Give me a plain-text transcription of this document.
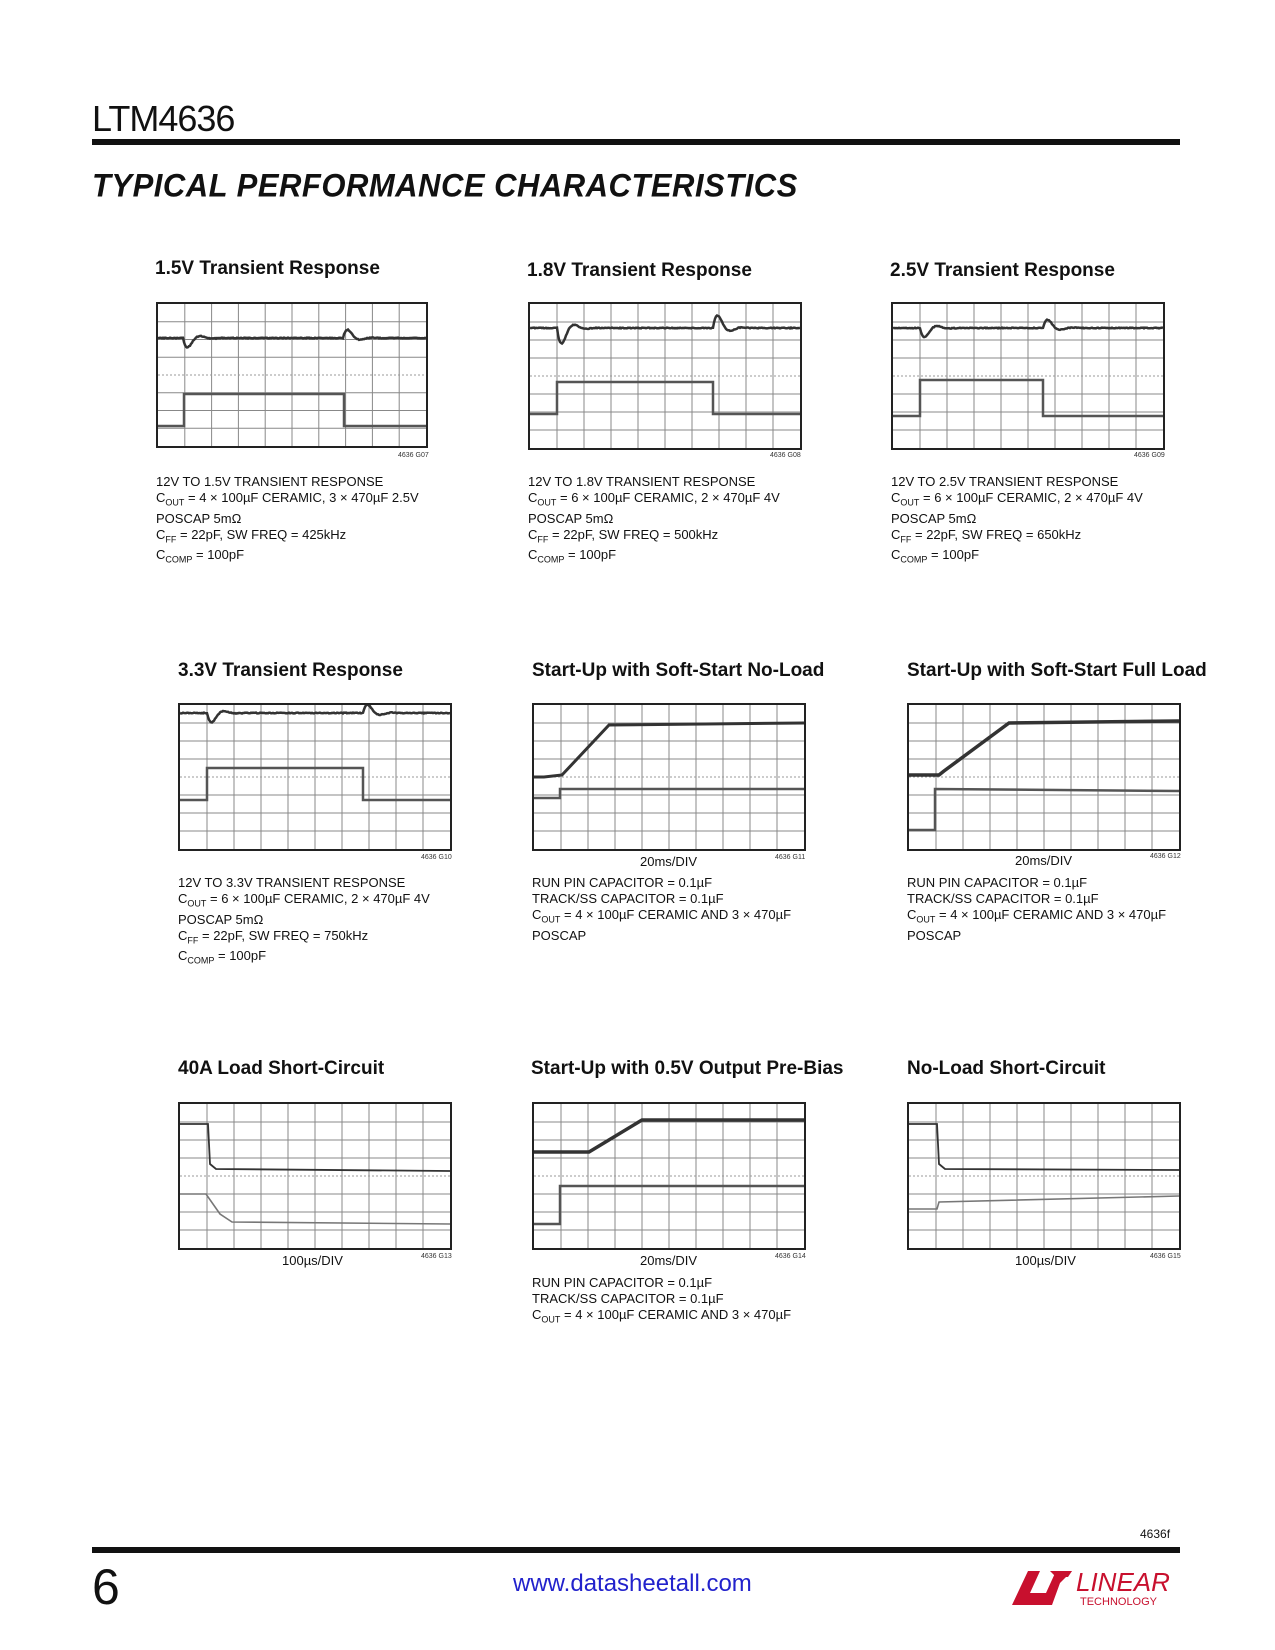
LTM4636
TYPICAL PERFORMANCE CHARACTERISTICS
1.5V Transient Response
4636 G07
12V TO 1.5V TRANSIENT RESPONSE
$C_{OUT} = 4 \times 100\mu F$ CERAMIC, 3 × 470µF 2.5V
POSCAP 5mΩ
$C_{FF} = 22pF$, SW FREQ = 425kHz
$C_{COMP} = 100pF$
1.8V Transient Response
4636 G08
12V TO 1.8V TRANSIENT RESPONSE
$C_{OUT} = 6 \times 100\mu F$ CERAMIC, 2 × 470µF 4V
POSCAP 5mΩ
$C_{FF} = 22pF$, SW FREQ = 500kHz
$C_{COMP} = 100pF$
2.5V Transient Response
4636 G09
12V TO 2.5V TRANSIENT RESPONSE
$C_{OUT} = 6 \times 100\mu F$ CERAMIC, 2 × 470µF 4V
POSCAP 5mΩ
$C_{FF} = 22pF$, SW FREQ = 650kHz
$C_{COMP} = 100pF$
3.3V Transient Response
4636 G10
12V TO 3.3V TRANSIENT RESPONSE
$C_{OUT} = 6 \times 100\mu F$ CERAMIC, 2 × 470µF 4V
POSCAP 5mΩ
$C_{FF} = 22pF$, SW FREQ = 750kHz
$C_{COMP} = 100pF$
Start-Up with Soft-Start No-Load
20ms/DIV	4636 G11
RUN PIN CAPACITOR = 0.1µF
TRACK/SS CAPACITOR = 0.1µF
$C_{OUT} = 4 \times 100\mu F$ CERAMIC AND 3 × 470µF
POSCAP
Start-Up with Soft-Start Full Load
20ms/DIV	4636 G12
RUN PIN CAPACITOR = 0.1µF
TRACK/SS CAPACITOR = 0.1µF
$C_{OUT} = 4 \times 100\mu F$ CERAMIC AND 3 × 470µF
POSCAP
40A Load Short-Circuit
100µs/DIV	4636 G13
Start-Up with 0.5V Output Pre-Bias
20ms/DIV	4636 G14
RUN PIN CAPACITOR = 0.1µF
TRACK/SS CAPACITOR = 0.1µF
$C_{OUT} = 4 \times 100\mu F$ CERAMIC AND 3 × 470µF
No-Load Short-Circuit
100µs/DIV	4636 G15
4636f
6	www.datasheetall.com	LINEAR
TECHNOLOGY
